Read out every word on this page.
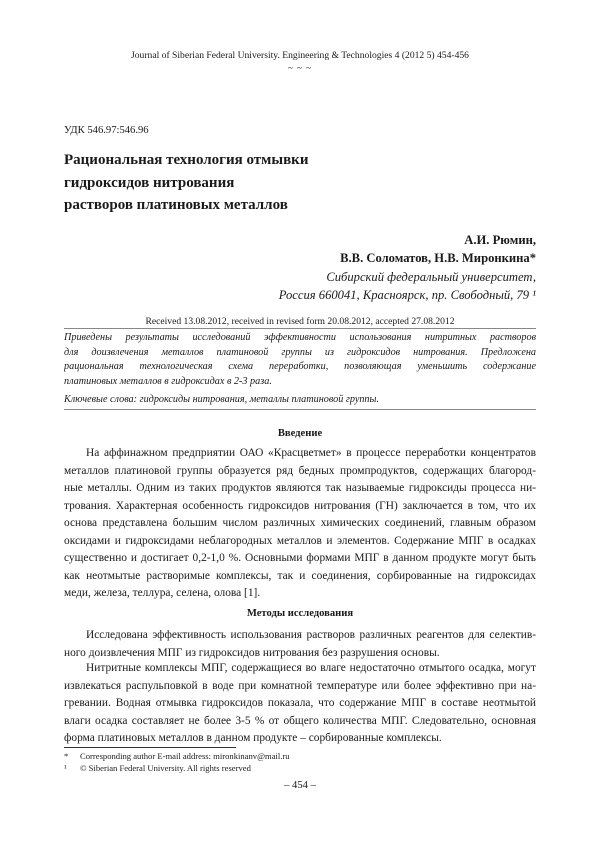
Journal of Siberian Federal University. Engineering & Technologies 4 (2012 5) 454-456
~ ~ ~
УДК 546.97:546.96
Рациональная технология отмывки
гидроксидов нитрования
растворов платиновых металлов
А.И. Рюмин,
В.В. Соломатов, Н.В. Миронкина*
Сибирский федеральный университет,
Россия 660041, Красноярск, пр. Свободный, 79 ¹
Received 13.08.2012, received in revised form 20.08.2012, accepted 27.08.2012
Приведены результаты исследований эффективности использования нитритных растворов
для доизвлечения металлов платиновой группы из гидроксидов нитрования. Предложена
рациональная технологическая схема переработки, позволяющая уменьшить содержание
платиновых металлов в гидроксидах в 2-3 раза.
Ключевые слова: гидроксиды нитрования, металлы платиновой группы.
Введение
На аффинажном предприятии ОАО «Красцветмет» в процессе переработки концентратов
металлов платиновой группы образуется ряд бедных промпродуктов, содержащих благород-
ные металлы. Одним из таких продуктов являются так называемые гидроксиды процесса ни-
трования. Характерная особенность гидроксидов нитрования (ГН) заключается в том, что их
основа представлена большим числом различных химических соединений, главным образом
оксидами и гидроксидами неблагородных металлов и элементов. Содержание МПГ в осадках
существенно и достигает 0,2-1,0 %. Основными формами МПГ в данном продукте могут быть
как неотмытые растворимые комплексы, так и соединения, сорбированные на гидроксидах
меди, железа, теллура, селена, олова [1].
Методы исследования
Исследована эффективность использования растворов различных реагентов для селектив-
ного доизвлечения МПГ из гидроксидов нитрования без разрушения основы.
Нитритные комплексы МПГ, содержащиеся во влаге недостаточно отмытого осадка, могут
извлекаться распульповкой в воде при комнатной температуре или более эффективно при на-
гревании. Водная отмывка гидроксидов показала, что содержание МПГ в составе неотмытой
влаги осадка составляет не более 3-5 % от общего количества МПГ. Следовательно, основная
форма платиновых металлов в данном продукте – сорбированные комплексы.
* Corresponding author E-mail address: mironkinanv@mail.ru
¹ © Siberian Federal University. All rights reserved
– 454 –
